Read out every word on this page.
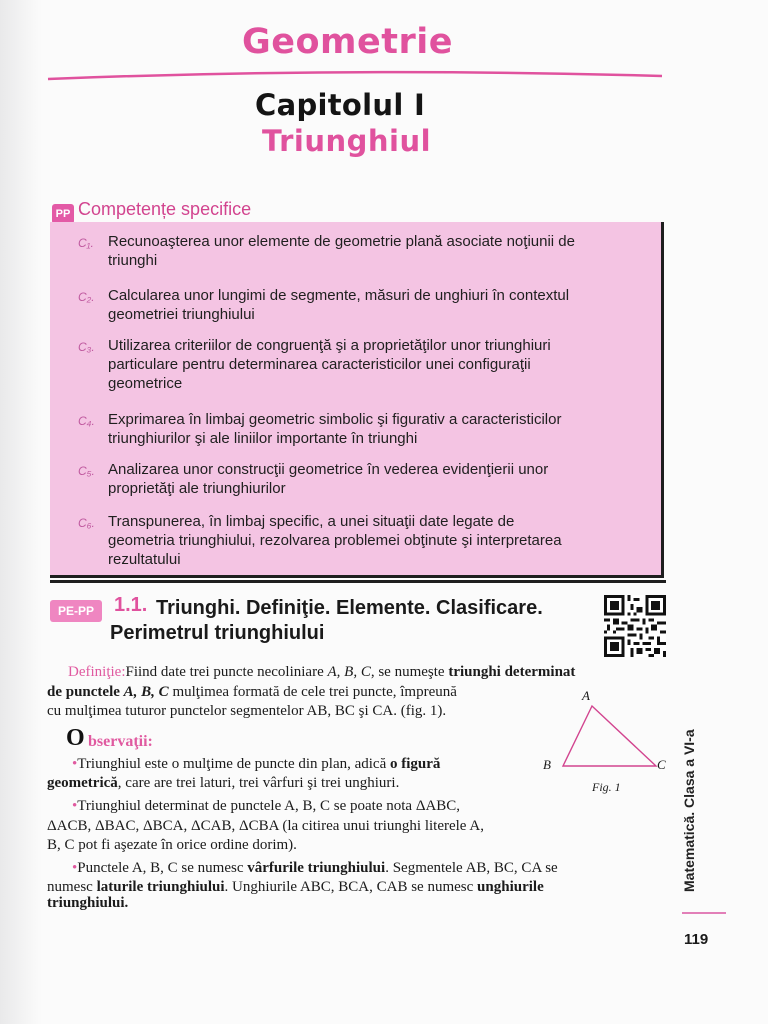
Geometrie
Capitolul I
Triunghiul
PP Competențe specifice
C₁. Recunoaşterea unor elemente de geometrie plană asociate noţiunii de
triunghi
C₂. Calcularea unor lungimi de segmente, măsuri de unghiuri în contextul
geometriei triunghiului
C₃. Utilizarea criteriilor de congruenţă şi a proprietăţilor unor triunghiuri
particulare pentru determinarea caracteristicilor unei configuraţii
geometrice
C₄. Exprimarea în limbaj geometric simbolic şi figurativ a caracteristicilor
triunghiurilor şi ale liniilor importante în triunghi
C₅. Analizarea unor construcţii geometrice în vederea evidenţierii unor
proprietăţi ale triunghiurilor
C₆. Transpunerea, în limbaj specific, a unei situaţii date legate de
geometria triunghiului, rezolvarea problemei obţinute şi interpretarea
rezultatului
PE-PP	1.1. Triunghi. Definiţie. Elemente. Clasificare.
Perimetrul triunghiului
Definiţie:Fiind date trei puncte necoliniare A, B, C, se numeşte triunghi determinat
de punctele A, B, C mulţimea formată de cele trei puncte, împreună
cu mulţimea tuturor punctelor segmentelor AB, BC şi CA. (fig. 1).
O bservaţii:
•Triunghiul este o mulţime de puncte din plan, adică o figură
geometrică, care are trei laturi, trei vârfuri şi trei unghiuri.
•Triunghiul determinat de punctele A, B, C se poate nota ΔABC,
ΔACB, ΔBAC, ΔBCA, ΔCAB, ΔCBA (la citirea unui triunghi literele A,
B, C pot fi aşezate în orice ordine dorim).
•Punctele A, B, C se numesc vârfurile triunghiului. Segmentele AB, BC, CA se
numesc laturile triunghiului. Unghiurile ABC, BCA, CAB se numesc unghiurile
triunghiului.
A
B	C
Fig. 1	Matematică. Clasa a VI-a
119
